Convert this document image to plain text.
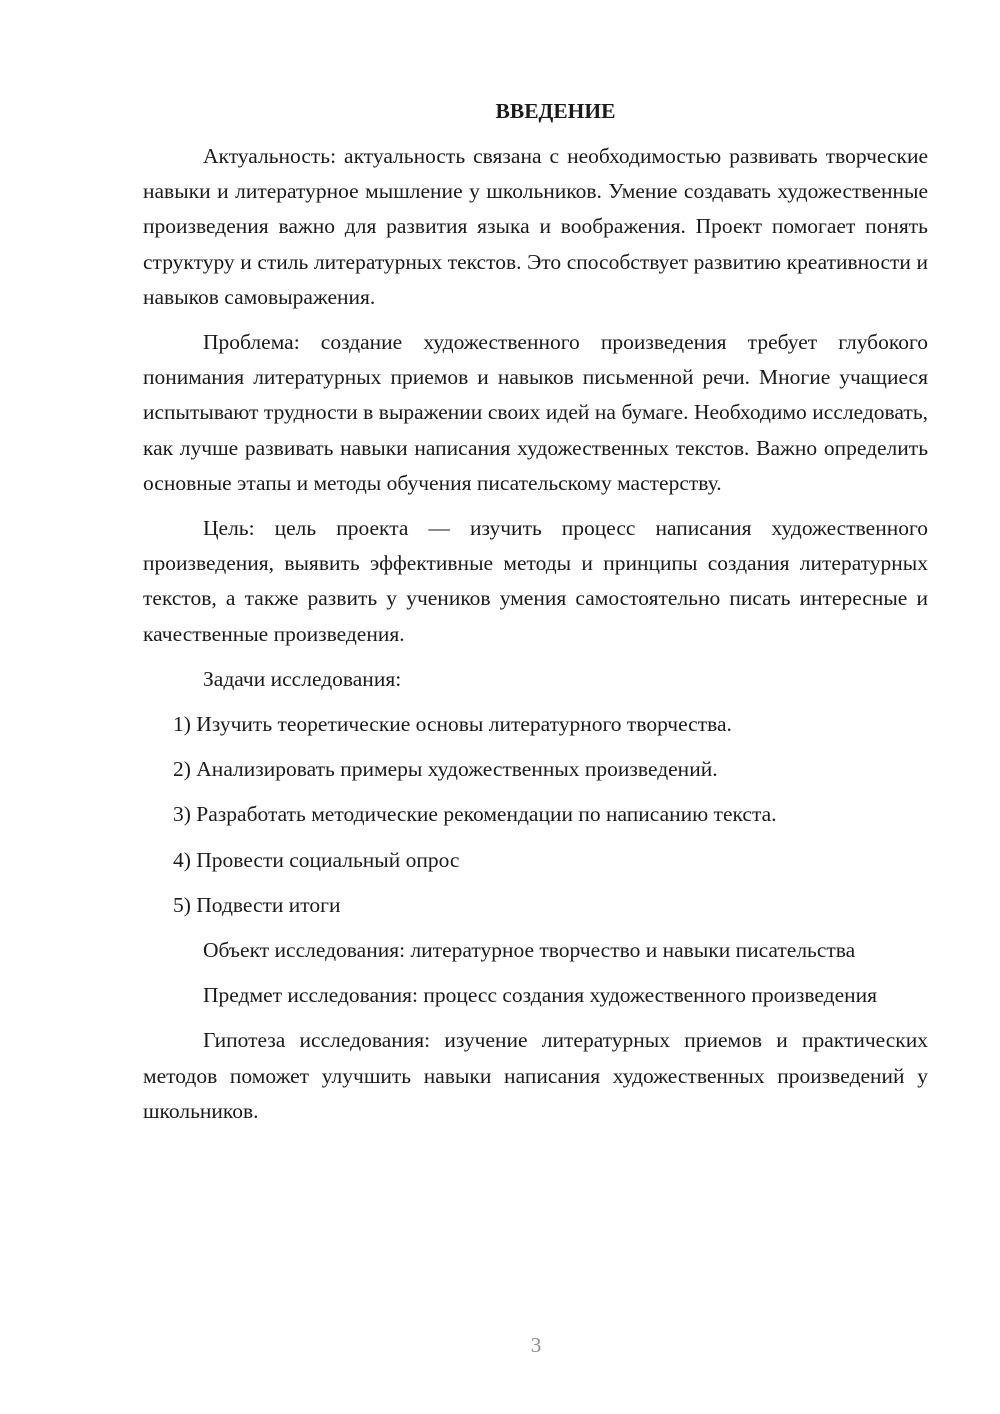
ВВЕДЕНИЕ

Актуальность: актуальность связана с необходимостью развивать творческие навыки и литературное мышление у школьников. Умение создавать художественные произведения важно для развития языка и воображения. Проект помогает понять структуру и стиль литературных текстов. Это способствует развитию креативности и навыков самовыражения.

Проблема: создание художественного произведения требует глубокого понимания литературных приемов и навыков письменной речи. Многие учащиеся испытывают трудности в выражении своих идей на бумаге. Необходимо исследовать, как лучше развивать навыки написания художественных текстов. Важно определить основные этапы и методы обучения писательскому мастерству.

Цель: цель проекта — изучить процесс написания художественного произведения, выявить эффективные методы и принципы создания литературных текстов, а также развить у учеников умения самостоятельно писать интересные и качественные произведения.

Задачи исследования:

1) Изучить теоретические основы литературного творчества.

2) Анализировать примеры художественных произведений.

3) Разработать методические рекомендации по написанию текста.

4) Провести социальный опрос

5) Подвести итоги

Объект исследования: литературное творчество и навыки писательства

Предмет исследования: процесс создания художественного произведения

Гипотеза исследования: изучение литературных приемов и практических методов поможет улучшить навыки написания художественных произведений у школьников.

3
